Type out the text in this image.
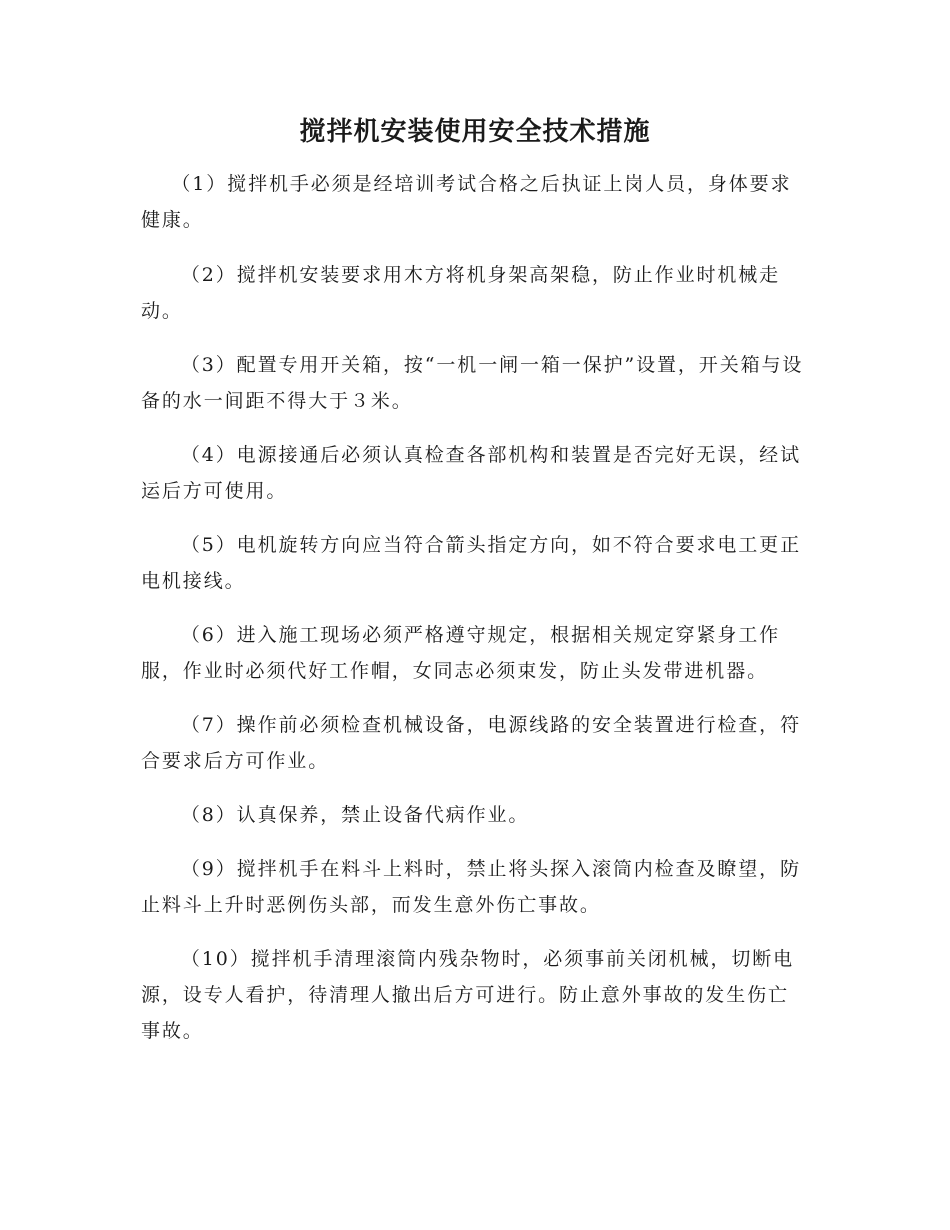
搅拌机安装使用安全技术措施

（1）搅拌机手必须是经培训考试合格之后执证上岗人员，身体要求健康。

（2）搅拌机安装要求用木方将机身架高架稳，防止作业时机械走动。

（3）配置专用开关箱，按“一机一闸一箱一保护”设置，开关箱与设备的水一间距不得大于３米。

（4）电源接通后必须认真检查各部机构和装置是否完好无误，经试运后方可使用。

（5）电机旋转方向应当符合箭头指定方向，如不符合要求电工更正电机接线。

（6）进入施工现场必须严格遵守规定，根据相关规定穿紧身工作服，作业时必须代好工作帽，女同志必须束发，防止头发带进机器。

（7）操作前必须检查机械设备，电源线路的安全装置进行检查，符合要求后方可作业。

（8）认真保养，禁止设备代病作业。

（9）搅拌机手在料斗上料时，禁止将头探入滚筒内检查及瞭望，防止料斗上升时恶例伤头部，而发生意外伤亡事故。

（10）搅拌机手清理滚筒内残杂物时，必须事前关闭机械，切断电源，设专人看护，待清理人撤出后方可进行。防止意外事故的发生伤亡事故。
